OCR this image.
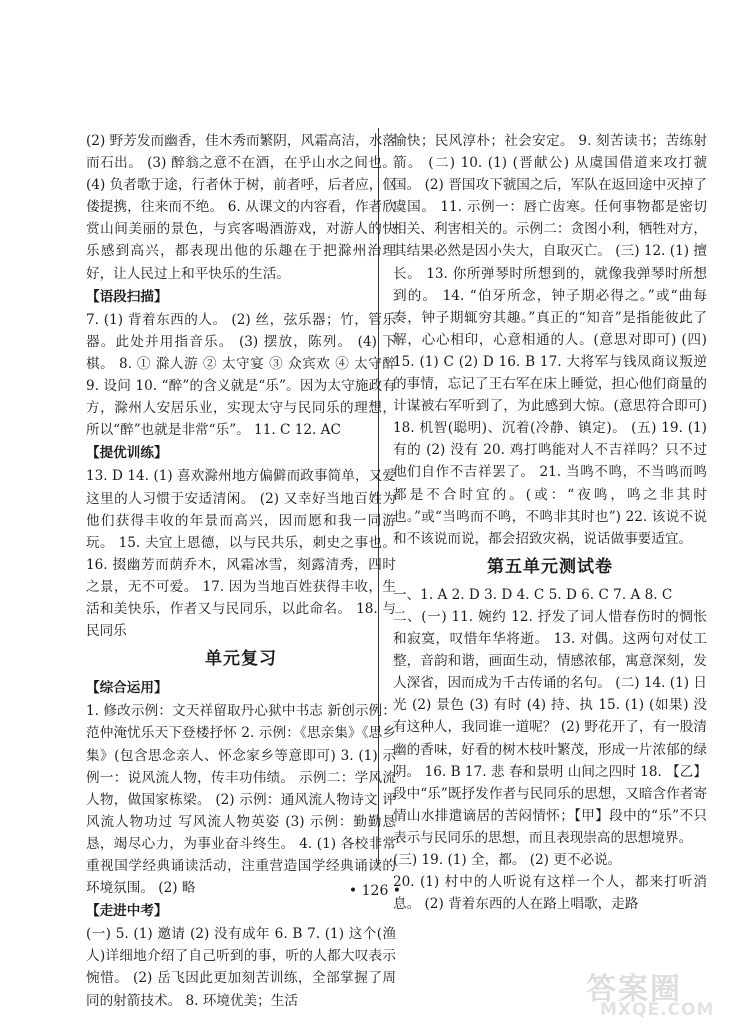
(2) 野芳发而幽香，佳木秀而繁阴，风霜高洁，水落而石出。 (3) 醉翁之意不在酒，在乎山水之间也。 (4) 负者歌于途，行者休于树，前者呼，后者应，伛偻提携，往来而不绝。 6. 从课文的内容看，作者欣赏山间美丽的景色，与宾客喝酒游戏，对游人的快乐感到高兴，都表现出他的乐趣在于把滁州治理好，让人民过上和平快乐的生活。

【语段扫描】

7. (1) 背着东西的人。 (2) 丝，弦乐器；竹，管乐器。此处并用指音乐。 (3) 摆放，陈列。 (4) 下棋。 8. ① 滁人游 ② 太守宴 ③ 众宾欢 ④ 太守醉 9. 设问 10. “醉”的含义就是“乐”。因为太守施政有方，滁州人安居乐业，实现太守与民同乐的理想，所以“醉”也就是非常“乐”。 11. C 12. AC

【提优训练】

13. D 14. (1) 喜欢滁州地方偏僻而政事简单，又爱这里的人习惯于安适清闲。 (2) 又幸好当地百姓为他们获得丰收的年景而高兴，因而愿和我一同游玩。 15. 夫宜上恩德，以与民共乐，刺史之事也。 16. 掇幽芳而荫乔木，风霜冰雪，刻露清秀，四时之景，无不可爱。 17. 因为当地百姓获得丰收，生活和美快乐，作者又与民同乐，以此命名。 18. 与民同乐

单元复习
【综合运用】

1. 修改示例：文天祥留取丹心狱中书志 新创示例：范仲淹忧乐天下登楼抒怀 2. 示例：《思亲集》《思乡集》(包含思念亲人、怀念家乡等意即可) 3. (1) 示例一：说风流人物，传丰功伟绩。 示例二：学风流人物，做国家栋梁。 (2) 示例：通风流人物诗文 评风流人物功过 写风流人物英姿 (3) 示例：勤勤恳恳，竭尽心力，为事业奋斗终生。 4. (1) 各校非常重视国学经典诵读活动，注重营造国学经典诵读的环境氛围。 (2) 略

【走进中考】

(一) 5. (1) 邀请 (2) 没有成年 6. B 7. (1) 这个(渔人)详细地介绍了自己听到的事，听的人都大叹表示惋惜。 (2) 岳飞因此更加刻苦训练，全部掌握了周同的射箭技术。 8. 环境优美；生活

愉快；民风淳朴；社会安定。 9. 刻苦读书；苦练射箭。 (二) 10. (1) (晋献公) 从虞国借道来攻打虢国。 (2) 晋国攻下虢国之后，军队在返回途中灭掉了虞国。 11. 示例一：唇亡齿寒。任何事物都是密切相关、利害相关的。示例二：贪图小利，牺牲对方，其结果必然是因小失大，自取灭亡。 (三) 12. (1) 擅长。 13. 你所弹琴时所想到的，就像我弹琴时所想到的。 14. “伯牙所念，钟子期必得之。”或“曲每奏，钟子期辄穷其趣。”真正的“知音”是指能彼此了解，心心相印，心意相通的人。(意思对即可) (四) 15. (1) C (2) D 16. B 17. 大将军与钱凤商议叛逆的事情，忘记了王右军在床上睡觉，担心他们商量的计谋被右军听到了，为此感到大惊。(意思符合即可) 18. 机智(聪明)、沉着(冷静、镇定)。 (五) 19. (1) 有的 (2) 没有 20. 鸡打鸣能对人不吉祥吗？只不过他们自作不吉祥罢了。 21. 当鸣不鸣，不当鸣而鸣都是不合时宜的。(或：“夜鸣，鸣之非其时也。”或“当鸣而不鸣，不鸣非其时也”) 22. 该说不说和不该说而说，都会招致灾祸，说话做事要适宜。

第五单元测试卷

一、1. A 2. D 3. D 4. C 5. D 6. C 7. A 8. C

二、(一) 11. 婉约 12. 抒发了词人惜春伤时的惆怅和寂寞，叹惜年华将逝。 13. 对偶。这两句对仗工整，音韵和谐，画面生动，情感浓郁，寓意深刻，发人深省，因而成为千古传诵的名句。 (二) 14. (1) 日光 (2) 景色 (3) 有时 (4) 持、执 15. (1) (如果) 没有这种人，我同谁一道呢？ (2) 野花开了，有一股清幽的香味，好看的树木枝叶繁茂，形成一片浓郁的绿阴。 16. B 17. 悲 春和景明 山间之四时 18. 【乙】段中“乐”既抒发作者与民同乐的思想，又暗含作者寄情山水排遣谪居的苦闷情怀；【甲】段中的“乐”不只表示与民同乐的思想，而且表现崇高的思想境界。

(三) 19. (1) 全，都。 (2) 更不必说。

20. (1) 村中的人听说有这样一个人，都来打听消息。 (2) 背着东西的人在路上唱歌，走路

• 126 •
答案圈
MXQE.COM
